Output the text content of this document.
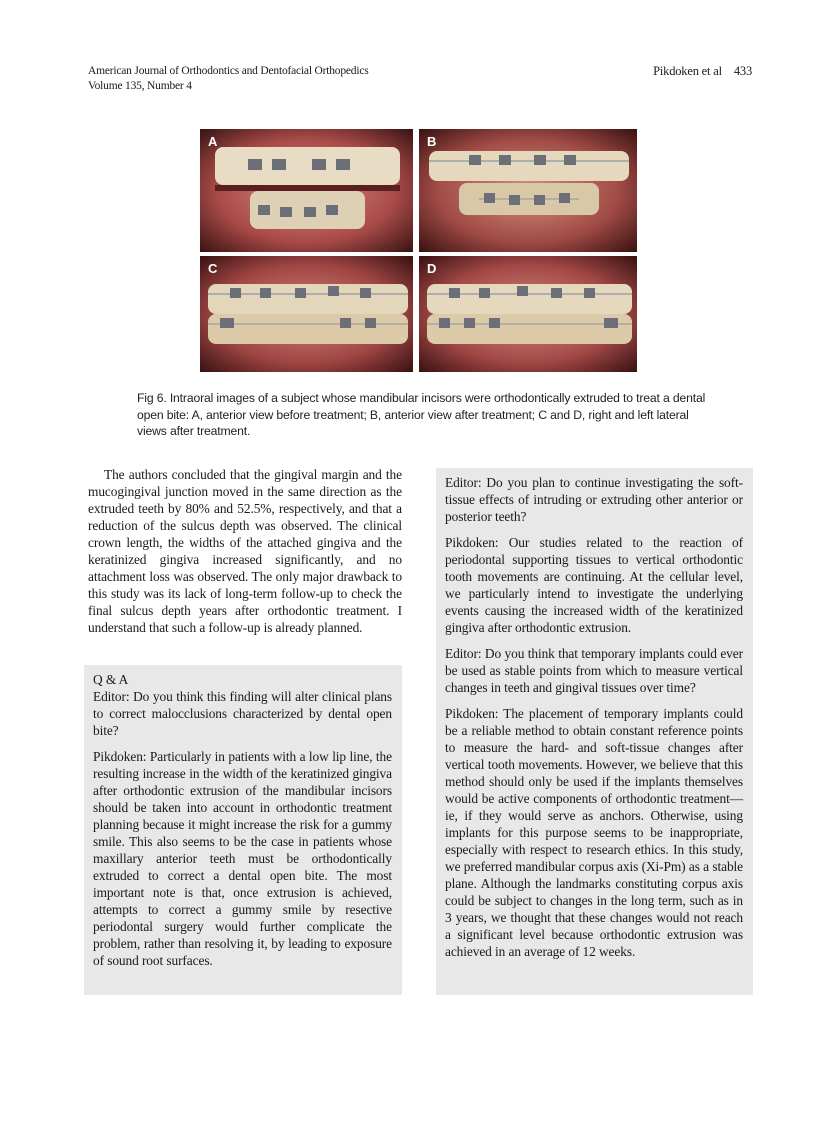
American Journal of Orthodontics and Dentofacial Orthopedics
Volume 135, Number 4
Pikdoken et al 433
A	B
C	D
Fig 6. Intraoral images of a subject whose mandibular incisors were orthodontically extruded to treat a dental open bite: A, anterior view before treatment; B, anterior view after treatment; C and D, right and left lateral views after treatment.

The authors concluded that the gingival margin and the mucogingival junction moved in the same direction as the extruded teeth by 80% and 52.5%, respectively, and that a reduction of the sulcus depth was observed. The clinical crown length, the widths of the attached gingiva and the keratinized gingiva increased significantly, and no attachment loss was observed. The only major drawback to this study was its lack of long-term follow-up to check the final sulcus depth years after orthodontic treatment. I understand that such a follow-up is already planned.

Q & A

Editor: Do you think this finding will alter clinical plans to correct malocclusions characterized by dental open bite?

Pikdoken: Particularly in patients with a low lip line, the resulting increase in the width of the keratinized gingiva after orthodontic extrusion of the mandibular incisors should be taken into account in orthodontic treatment planning because it might increase the risk for a gummy smile. This also seems to be the case in patients whose maxillary anterior teeth must be orthodontically extruded to correct a dental open bite. The most important note is that, once extrusion is achieved, attempts to correct a gummy smile by resective periodontal surgery would further complicate the problem, rather than resolving it, by leading to exposure of sound root surfaces.

Editor: Do you plan to continue investigating the soft-tissue effects of intruding or extruding other anterior or posterior teeth?

Pikdoken: Our studies related to the reaction of periodontal supporting tissues to vertical orthodontic tooth movements are continuing. At the cellular level, we particularly intend to investigate the underlying events causing the increased width of the keratinized gingiva after orthodontic extrusion.

Editor: Do you think that temporary implants could ever be used as stable points from which to measure vertical changes in teeth and gingival tissues over time?

Pikdoken: The placement of temporary implants could be a reliable method to obtain constant reference points to measure the hard- and soft-tissue changes after vertical tooth movements. However, we believe that this method should only be used if the implants themselves would be active components of orthodontic treatment—ie, if they would serve as anchors. Otherwise, using implants for this purpose seems to be inappropriate, especially with respect to research ethics. In this study, we preferred mandibular corpus axis (Xi-Pm) as a stable plane. Although the landmarks constituting corpus axis could be subject to changes in the long term, such as in 3 years, we thought that these changes would not reach a significant level because orthodontic extrusion was achieved in an average of 12 weeks.
